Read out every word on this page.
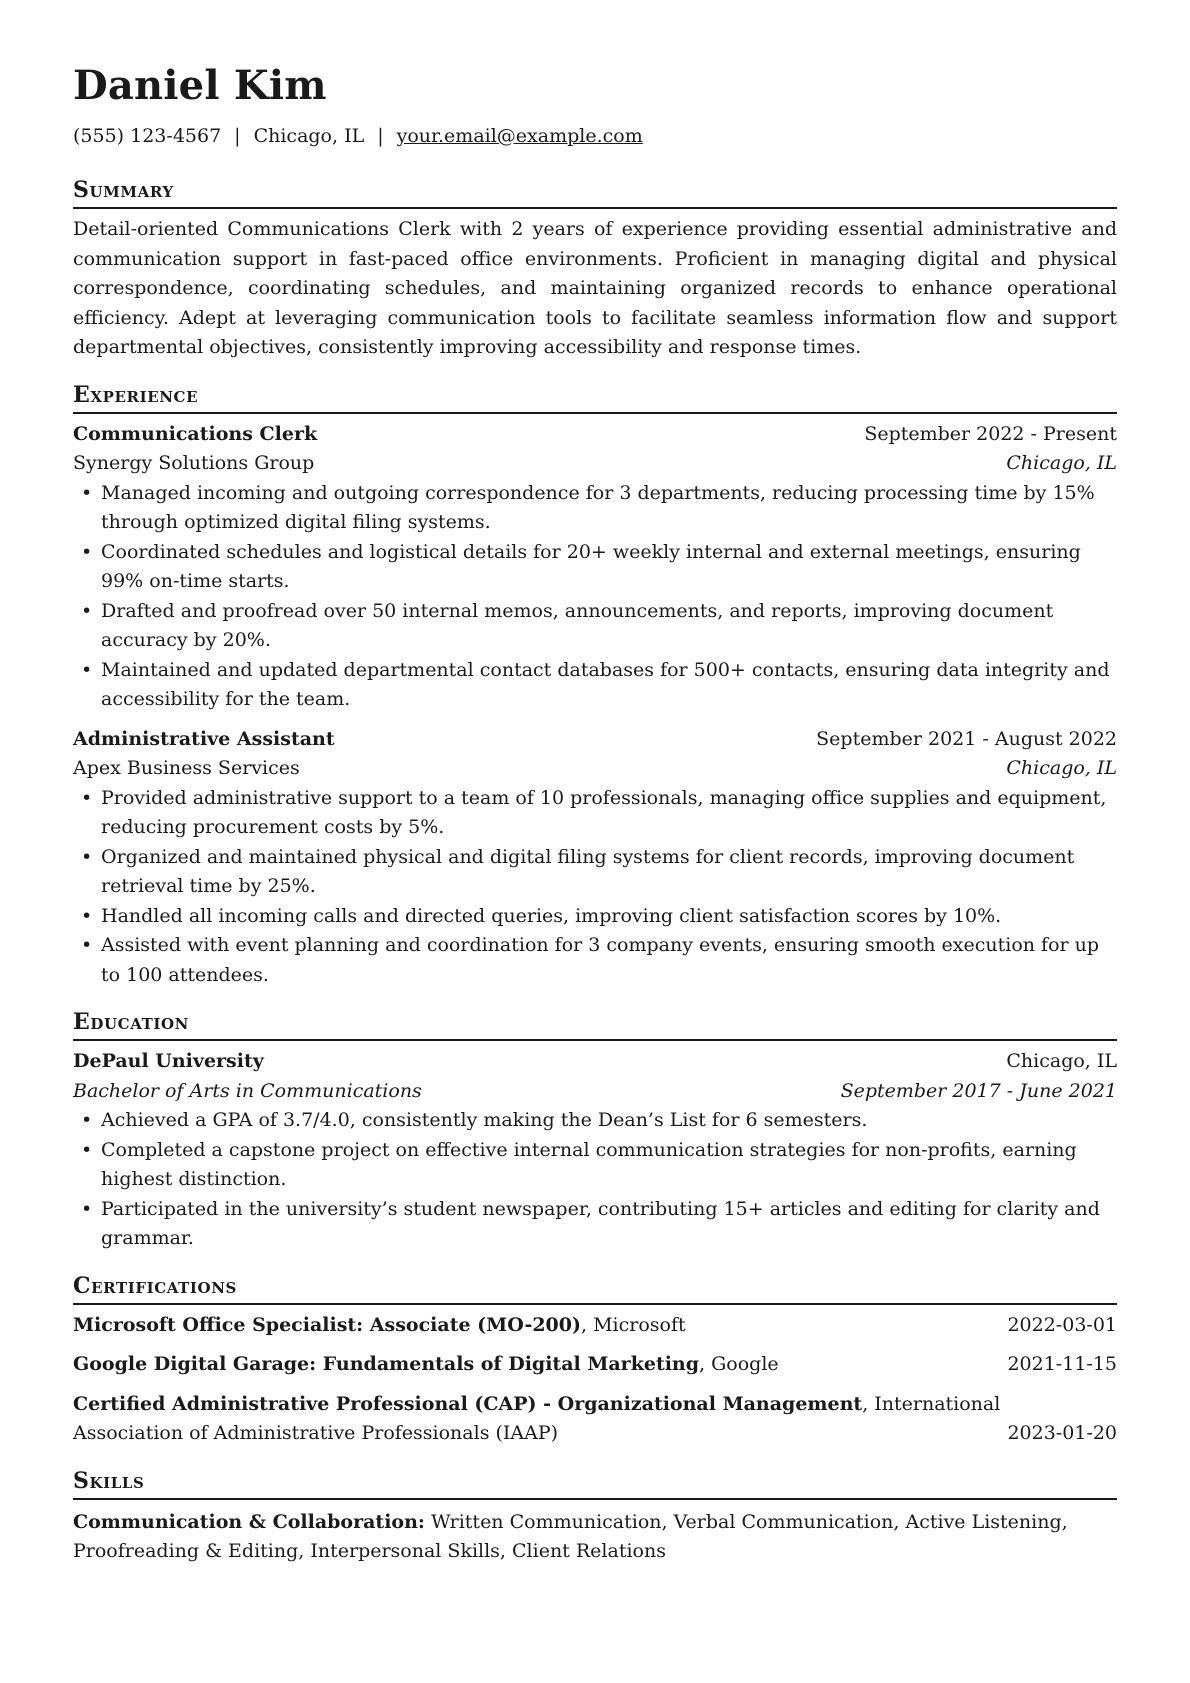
Daniel Kim
(555) 123-4567 | Chicago, IL | your.email@example.com
Summary

Detail-oriented Communications Clerk with 2 years of experience providing essential administrative and communication support in fast-paced office environments. Proficient in managing digital and physical correspondence, coordinating schedules, and maintaining organized records to enhance operational efficiency. Adept at leveraging communication tools to facilitate seamless information flow and support departmental objectives, consistently improving accessibility and response times.

Experience
Communications Clerk	September 2022 - Present
Synergy Solutions Group	Chicago, IL
• Managed incoming and outgoing correspondence for 3 departments, reducing processing time by 15% through optimized digital filing systems.
• Coordinated schedules and logistical details for 20+ weekly internal and external meetings, ensuring 99% on-time starts.
• Drafted and proofread over 50 internal memos, announcements, and reports, improving document accuracy by 20%.
• Maintained and updated departmental contact databases for 500+ contacts, ensuring data integrity and accessibility for the team.
Administrative Assistant	September 2021 - August 2022
Apex Business Services	Chicago, IL
• Provided administrative support to a team of 10 professionals, managing office supplies and equipment, reducing procurement costs by 5%.
• Organized and maintained physical and digital filing systems for client records, improving document retrieval time by 25%.
• Handled all incoming calls and directed queries, improving client satisfaction scores by 10%.
• Assisted with event planning and coordination for 3 company events, ensuring smooth execution for up to 100 attendees.
Education
DePaul University	Chicago, IL
Bachelor of Arts in Communications	September 2017 - June 2021
• Achieved a GPA of 3.7/4.0, consistently making the Dean’s List for 6 semesters.
• Completed a capstone project on effective internal communication strategies for non-profits, earning highest distinction.
• Participated in the university’s student newspaper, contributing 15+ articles and editing for clarity and grammar.
Certifications
Microsoft Office Specialist: Associate (MO-200), Microsoft	2022-03-01
Google Digital Garage: Fundamentals of Digital Marketing, Google	2021-11-15
Certified Administrative Professional (CAP) - Organizational Management, International Association of Administrative Professionals (IAAP)	2023-01-20
Skills
Communication & Collaboration: Written Communication, Verbal Communication, Active Listening, Proofreading & Editing, Interpersonal Skills, Client Relations
